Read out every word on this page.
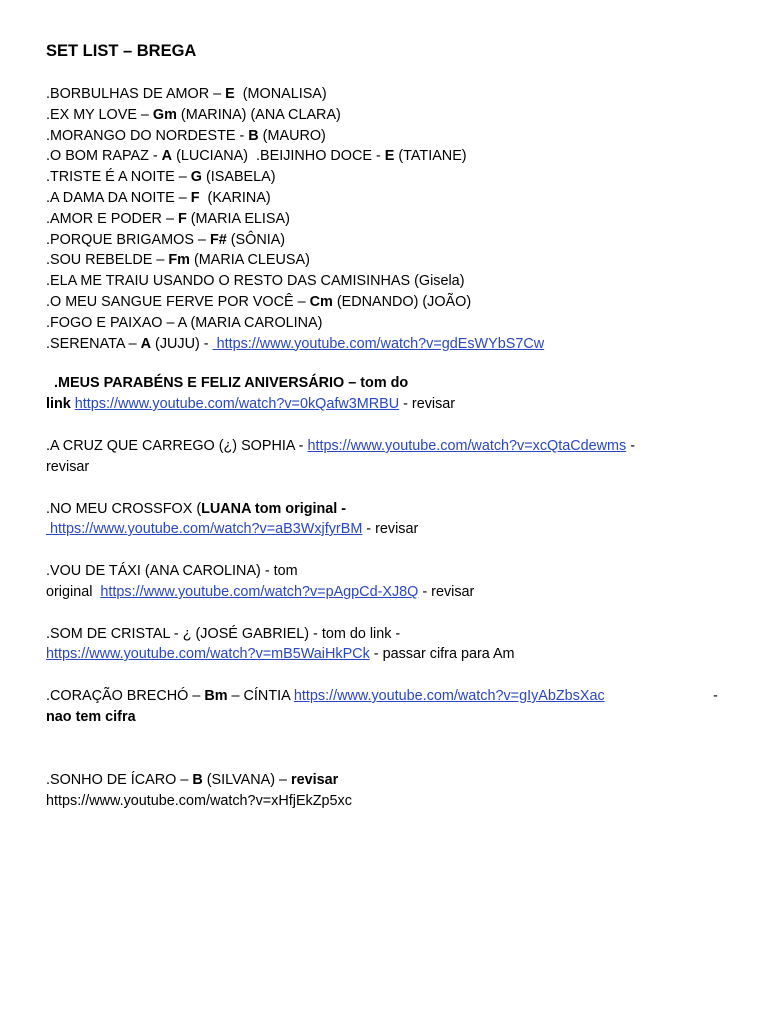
SET LIST – BREGA
.BORBULHAS DE AMOR – E  (MONALISA)
.EX MY LOVE – Gm (MARINA) (ANA CLARA)
.MORANGO DO NORDESTE - B (MAURO)
.O BOM RAPAZ - A (LUCIANA)  .BEIJINHO DOCE - E (TATIANE)
.TRISTE É A NOITE – G (ISABELA)
.A DAMA DA NOITE – F  (KARINA)
.AMOR E PODER – F (MARIA ELISA)
.PORQUE BRIGAMOS – F# (SÔNIA)
.SOU REBELDE – Fm (MARIA CLEUSA)
.ELA ME TRAIU USANDO O RESTO DAS CAMISINHAS (Gisela)
.O MEU SANGUE FERVE POR VOCÊ – Cm (EDNANDO) (JOÃO)
.FOGO E PAIXAO – A (MARIA CAROLINA)
.SERENATA – A (JUJU) -  https://www.youtube.com/watch?v=gdEsWYbS7Cw
.MEUS PARABÉNS E FELIZ ANIVERSÁRIO – tom do
link https://www.youtube.com/watch?v=0kQafw3MRBU - revisar
.A CRUZ QUE CARREGO (¿) SOPHIA - https://www.youtube.com/watch?v=xcQtaCdewms -
revisar
.NO MEU CROSSFOX (LUANA tom original -
https://www.youtube.com/watch?v=aB3WxjfyrBM - revisar
.VOU DE TÁXI (ANA CAROLINA) - tom
original  https://www.youtube.com/watch?v=pAgpCd-XJ8Q - revisar
.SOM DE CRISTAL - ¿ (JOSÉ GABRIEL) - tom do link -
https://www.youtube.com/watch?v=mB5WaiHkPCk - passar cifra para Am
.CORAÇÃO BRECHÓ – Bm – CÍNTIA https://www.youtube.com/watch?v=gIyAbZbsXac	-
nao tem cifra
.SONHO DE ÍCARO – B (SILVANA) – revisar
https://www.youtube.com/watch?v=xHfjEkZp5xc
